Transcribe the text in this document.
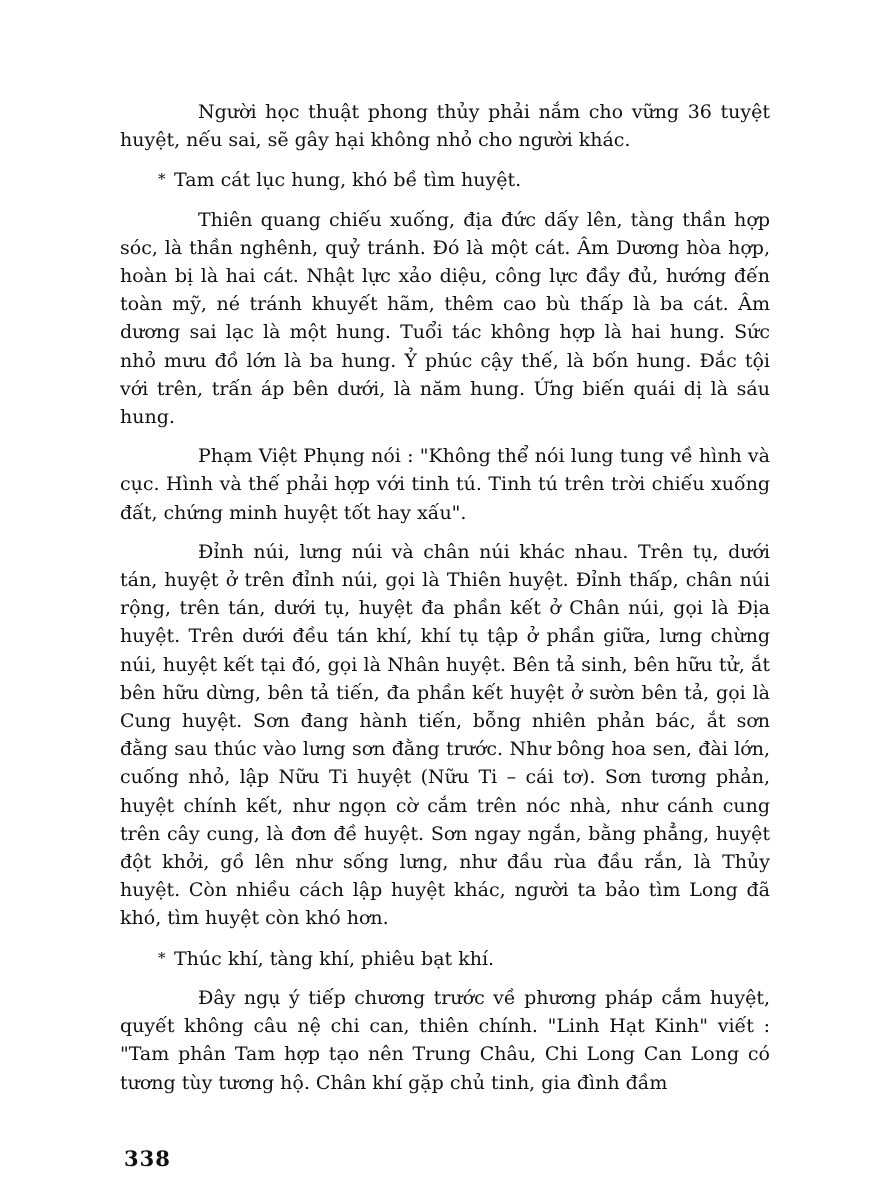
Người học thuật phong thủy phải nắm cho vững 36 tuyệt huyệt, nếu sai, sẽ gây hại không nhỏ cho người khác.

* Tam cát lục hung, khó bề tìm huyệt.

Thiên quang chiếu xuống, địa đức dấy lên, tàng thần hợp sóc, là thần nghênh, quỷ tránh. Đó là một cát. Âm Dương hòa hợp, hoàn bị là hai cát. Nhật lực xảo diệu, công lực đầy đủ, hướng đến toàn mỹ, né tránh khuyết hãm, thêm cao bù thấp là ba cát. Âm dương sai lạc là một hung. Tuổi tác không hợp là hai hung. Sức nhỏ mưu đồ lớn là ba hung. Ỷ phúc cậy thế, là bốn hung. Đắc tội với trên, trấn áp bên dưới, là năm hung. Ứng biến quái dị là sáu hung.

Phạm Việt Phụng nói : "Không thể nói lung tung về hình và cục. Hình và thế phải hợp với tinh tú. Tinh tú trên trời chiếu xuống đất, chứng minh huyệt tốt hay xấu".

Đỉnh núi, lưng núi và chân núi khác nhau. Trên tụ, dưới tán, huyệt ở trên đỉnh núi, gọi là Thiên huyệt. Đỉnh thấp, chân núi rộng, trên tán, dưới tụ, huyệt đa phần kết ở Chân núi, gọi là Địa huyệt. Trên dưới đều tán khí, khí tụ tập ở phần giữa, lưng chừng núi, huyệt kết tại đó, gọi là Nhân huyệt. Bên tả sinh, bên hữu tử, ắt bên hữu dừng, bên tả tiến, đa phần kết huyệt ở sườn bên tả, gọi là Cung huyệt. Sơn đang hành tiến, bỗng nhiên phản bác, ắt sơn đằng sau thúc vào lưng sơn đằng trước. Như bông hoa sen, đài lớn, cuống nhỏ, lập Nữu Ti huyệt (Nữu Ti – cái tơ). Sơn tương phản, huyệt chính kết, như ngọn cờ cắm trên nóc nhà, như cánh cung trên cây cung, là đơn đề huyệt. Sơn ngay ngắn, bằng phẳng, huyệt đột khởi, gồ lên như sống lưng, như đầu rùa đầu rắn, là Thủy huyệt. Còn nhiều cách lập huyệt khác, người ta bảo tìm Long đã khó, tìm huyệt còn khó hơn.

* Thúc khí, tàng khí, phiêu bạt khí.

Đây ngụ ý tiếp chương trước về phương pháp cắm huyệt, quyết không câu nệ chi can, thiên chính. "Linh Hạt Kinh" viết : "Tam phân Tam hợp tạo nên Trung Châu, Chi Long Can Long có tương tùy tương hộ. Chân khí gặp chủ tinh, gia đình đầm

338
